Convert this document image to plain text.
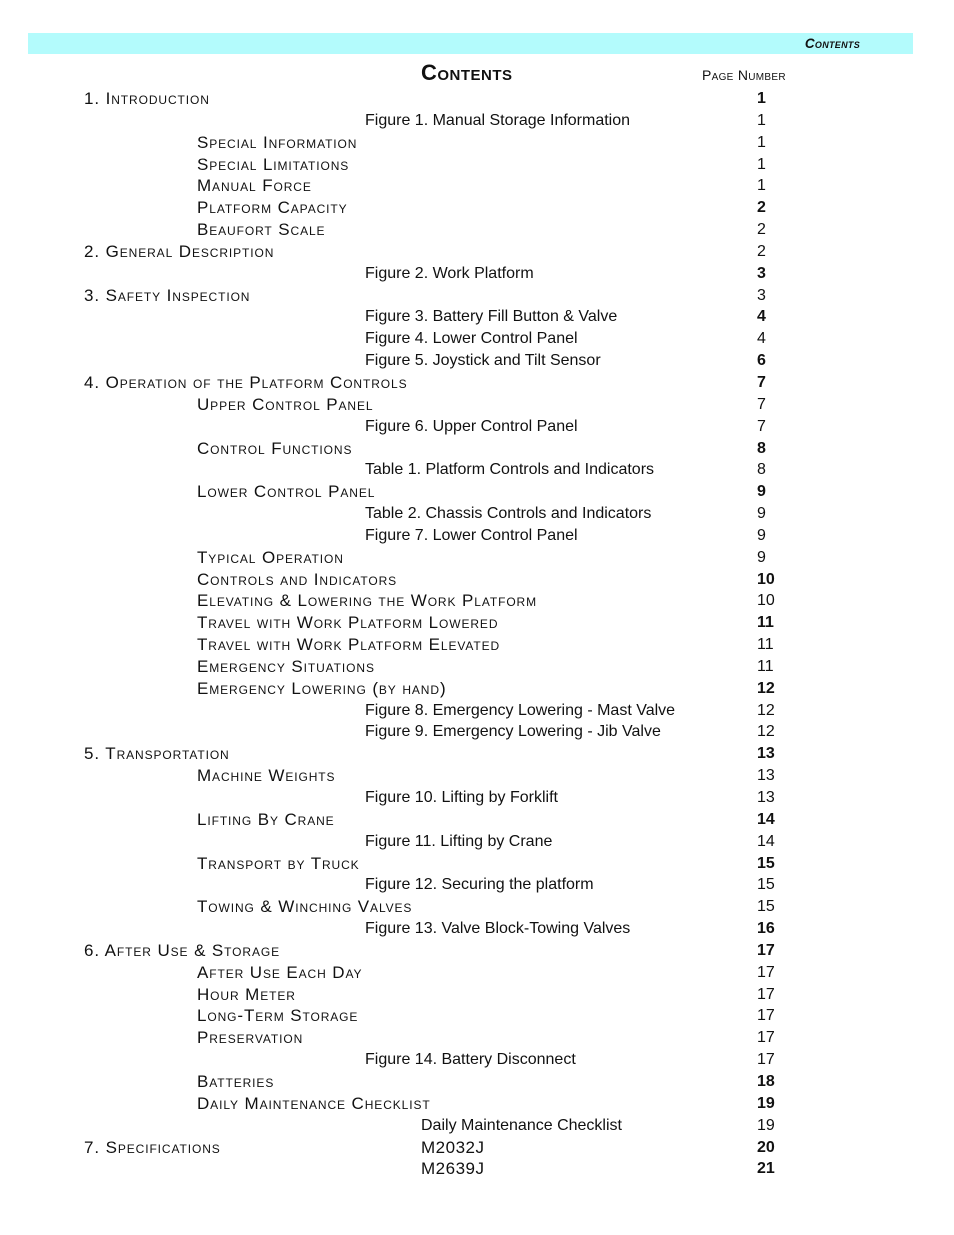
Contents
Contents	Page Number
1. Introduction	1
Figure 1. Manual Storage Information	1
Special Information	1
Special Limitations	1
Manual Force	1
Platform Capacity	2
Beaufort Scale	2
2. General Description	2
Figure 2. Work Platform	3
3. Safety Inspection	3
Figure 3. Battery Fill Button & Valve	4
Figure 4. Lower Control Panel	4
Figure 5. Joystick and Tilt Sensor	6
4. Operation of the Platform Controls	7
Upper Control Panel	7
Figure 6. Upper Control Panel	7
Control Functions	8
Table 1. Platform Controls and Indicators	8
Lower Control Panel	9
Table 2. Chassis Controls and Indicators	9
Figure 7. Lower Control Panel	9
Typical Operation	9
Controls and Indicators	10
Elevating & Lowering the Work Platform	10
Travel with Work Platform Lowered	11
Travel with Work Platform Elevated	11
Emergency Situations	11
Emergency Lowering (by hand)	12
Figure 8. Emergency Lowering - Mast Valve	12
Figure 9. Emergency Lowering - Jib Valve	12
5. Transportation	13
Machine Weights	13
Figure 10. Lifting by Forklift	13
Lifting By Crane	14
Figure 11. Lifting by Crane	14
Transport by Truck	15
Figure 12. Securing the platform	15
Towing & Winching Valves	15
Figure 13. Valve Block-Towing Valves	16
6. After Use & Storage	17
After Use Each Day	17
Hour Meter	17
Long-Term Storage	17
Preservation	17
Figure 14. Battery Disconnect	17
Batteries	18
Daily Maintenance Checklist	19
Daily Maintenance Checklist	19
7. Specifications	M2032J	20
M2639J	21
